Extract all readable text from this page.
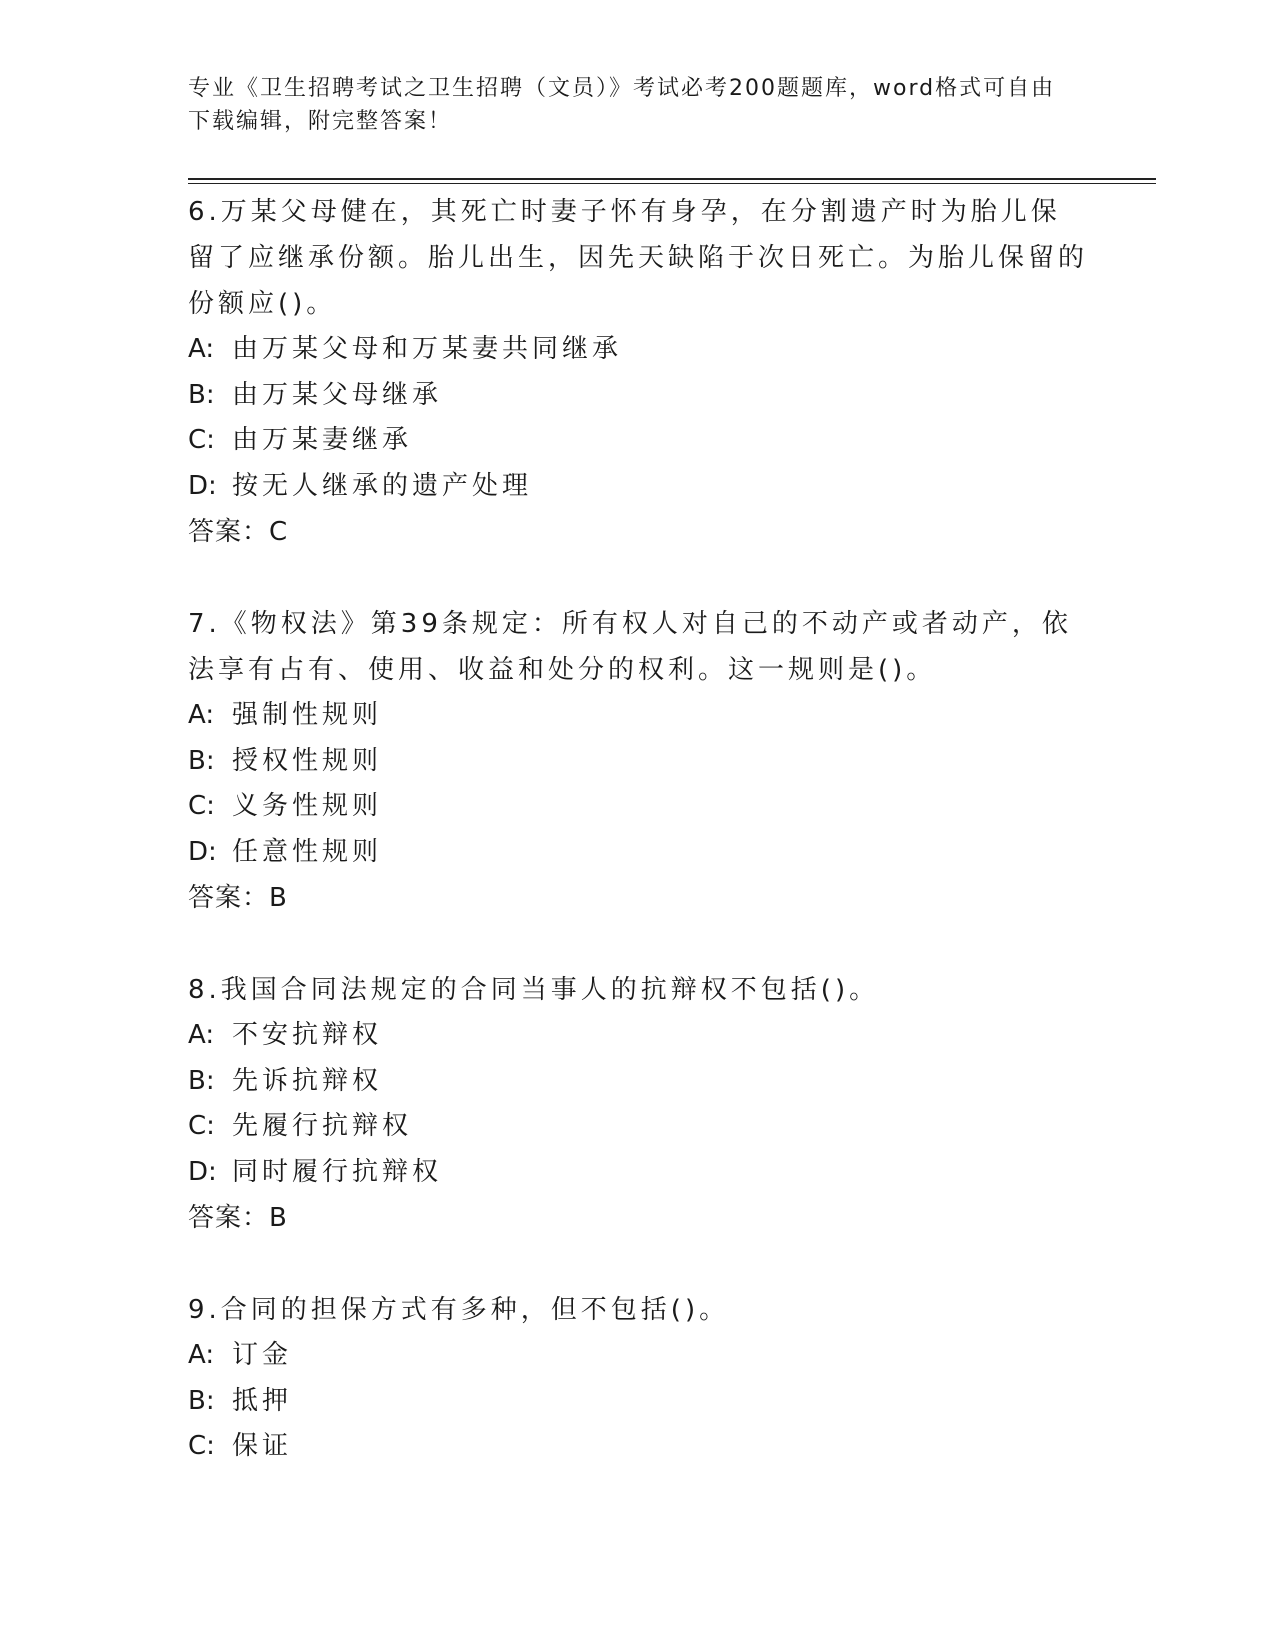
专业《卫生招聘考试之卫生招聘（文员）》考试必考200题题库，word格式可自由下载编辑，附完整答案！

6.万某父母健在，其死亡时妻子怀有身孕，在分割遗产时为胎儿保留了应继承份额。胎儿出生，因先天缺陷于次日死亡。为胎儿保留的份额应()。

A: 由万某父母和万某妻共同继承

B: 由万某父母继承

C: 由万某妻继承

D: 按无人继承的遗产处理

答案：C

7.《物权法》第39条规定：所有权人对自己的不动产或者动产，依法享有占有、使用、收益和处分的权利。这一规则是()。

A: 强制性规则

B: 授权性规则

C: 义务性规则

D: 任意性规则

答案：B

8.我国合同法规定的合同当事人的抗辩权不包括()。

A: 不安抗辩权

B: 先诉抗辩权

C: 先履行抗辩权

D: 同时履行抗辩权

答案：B

9.合同的担保方式有多种，但不包括()。

A: 订金

B: 抵押

C: 保证
